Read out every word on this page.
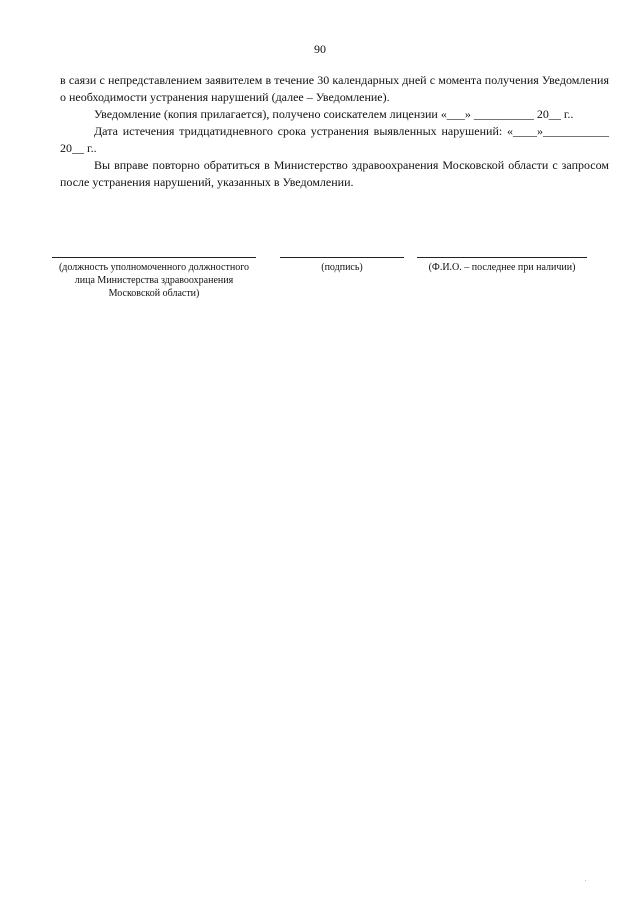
90

в саязи с непредставлением заявителем в течение 30 календарных дней с момента получения Уведомления о необходимости устранения нарушений (далее – Уведомление).

Уведомление (копия прилагается), получено соискателем лицензии «___» __________ 20__ г..

Дата истечения тридцатидневного срока устранения выявленных нарушений: «____»___________ 20__ г..

Вы вправе повторно обратиться в Министерство здравоохранения Московской области с запросом после устранения нарушений, указанных в Уведомлении.

(должность уполномоченного должностного лица Министерства здравоохранения Московской области)

(подпись)	(Ф.И.О. – последнее при наличии)
